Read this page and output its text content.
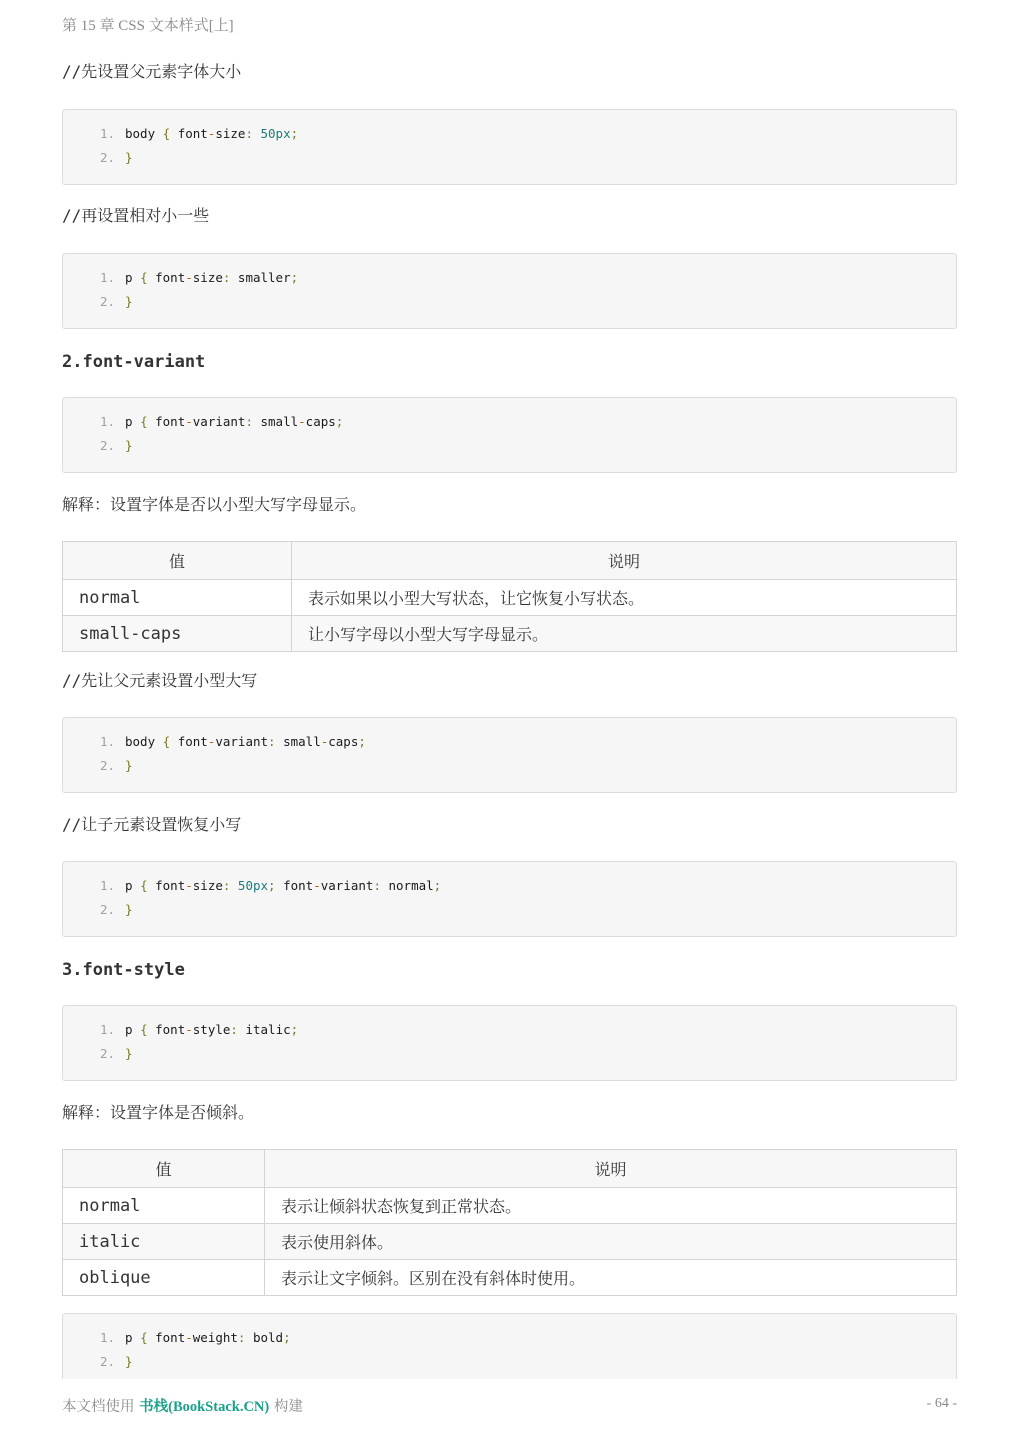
第 15 章 CSS 文本样式[上]
//先设置父元素字体大小
1. body { font-size: 50px;
2. }
//再设置相对小一些
1. p { font-size: smaller;
2. }
2.font-variant
1. p { font-variant: small-caps;
2. }
解释：设置字体是否以小型大写字母显示。
值	说明
normal	表示如果以小型大写状态，让它恢复小写状态。
small-caps	让小写字母以小型大写字母显示。
//先让父元素设置小型大写
1. body { font-variant: small-caps;
2. }
//让子元素设置恢复小写
1. p { font-size: 50px; font-variant: normal;
2. }
3.font-style
1. p { font-style: italic;
2. }
解释：设置字体是否倾斜。
值	说明
normal	表示让倾斜状态恢复到正常状态。
italic	表示使用斜体。
oblique	表示让文字倾斜。区别在没有斜体时使用。
1. p { font-weight: bold;
2. }
本文档使用 书栈(BookStack.CN) 构建	- 64 -
